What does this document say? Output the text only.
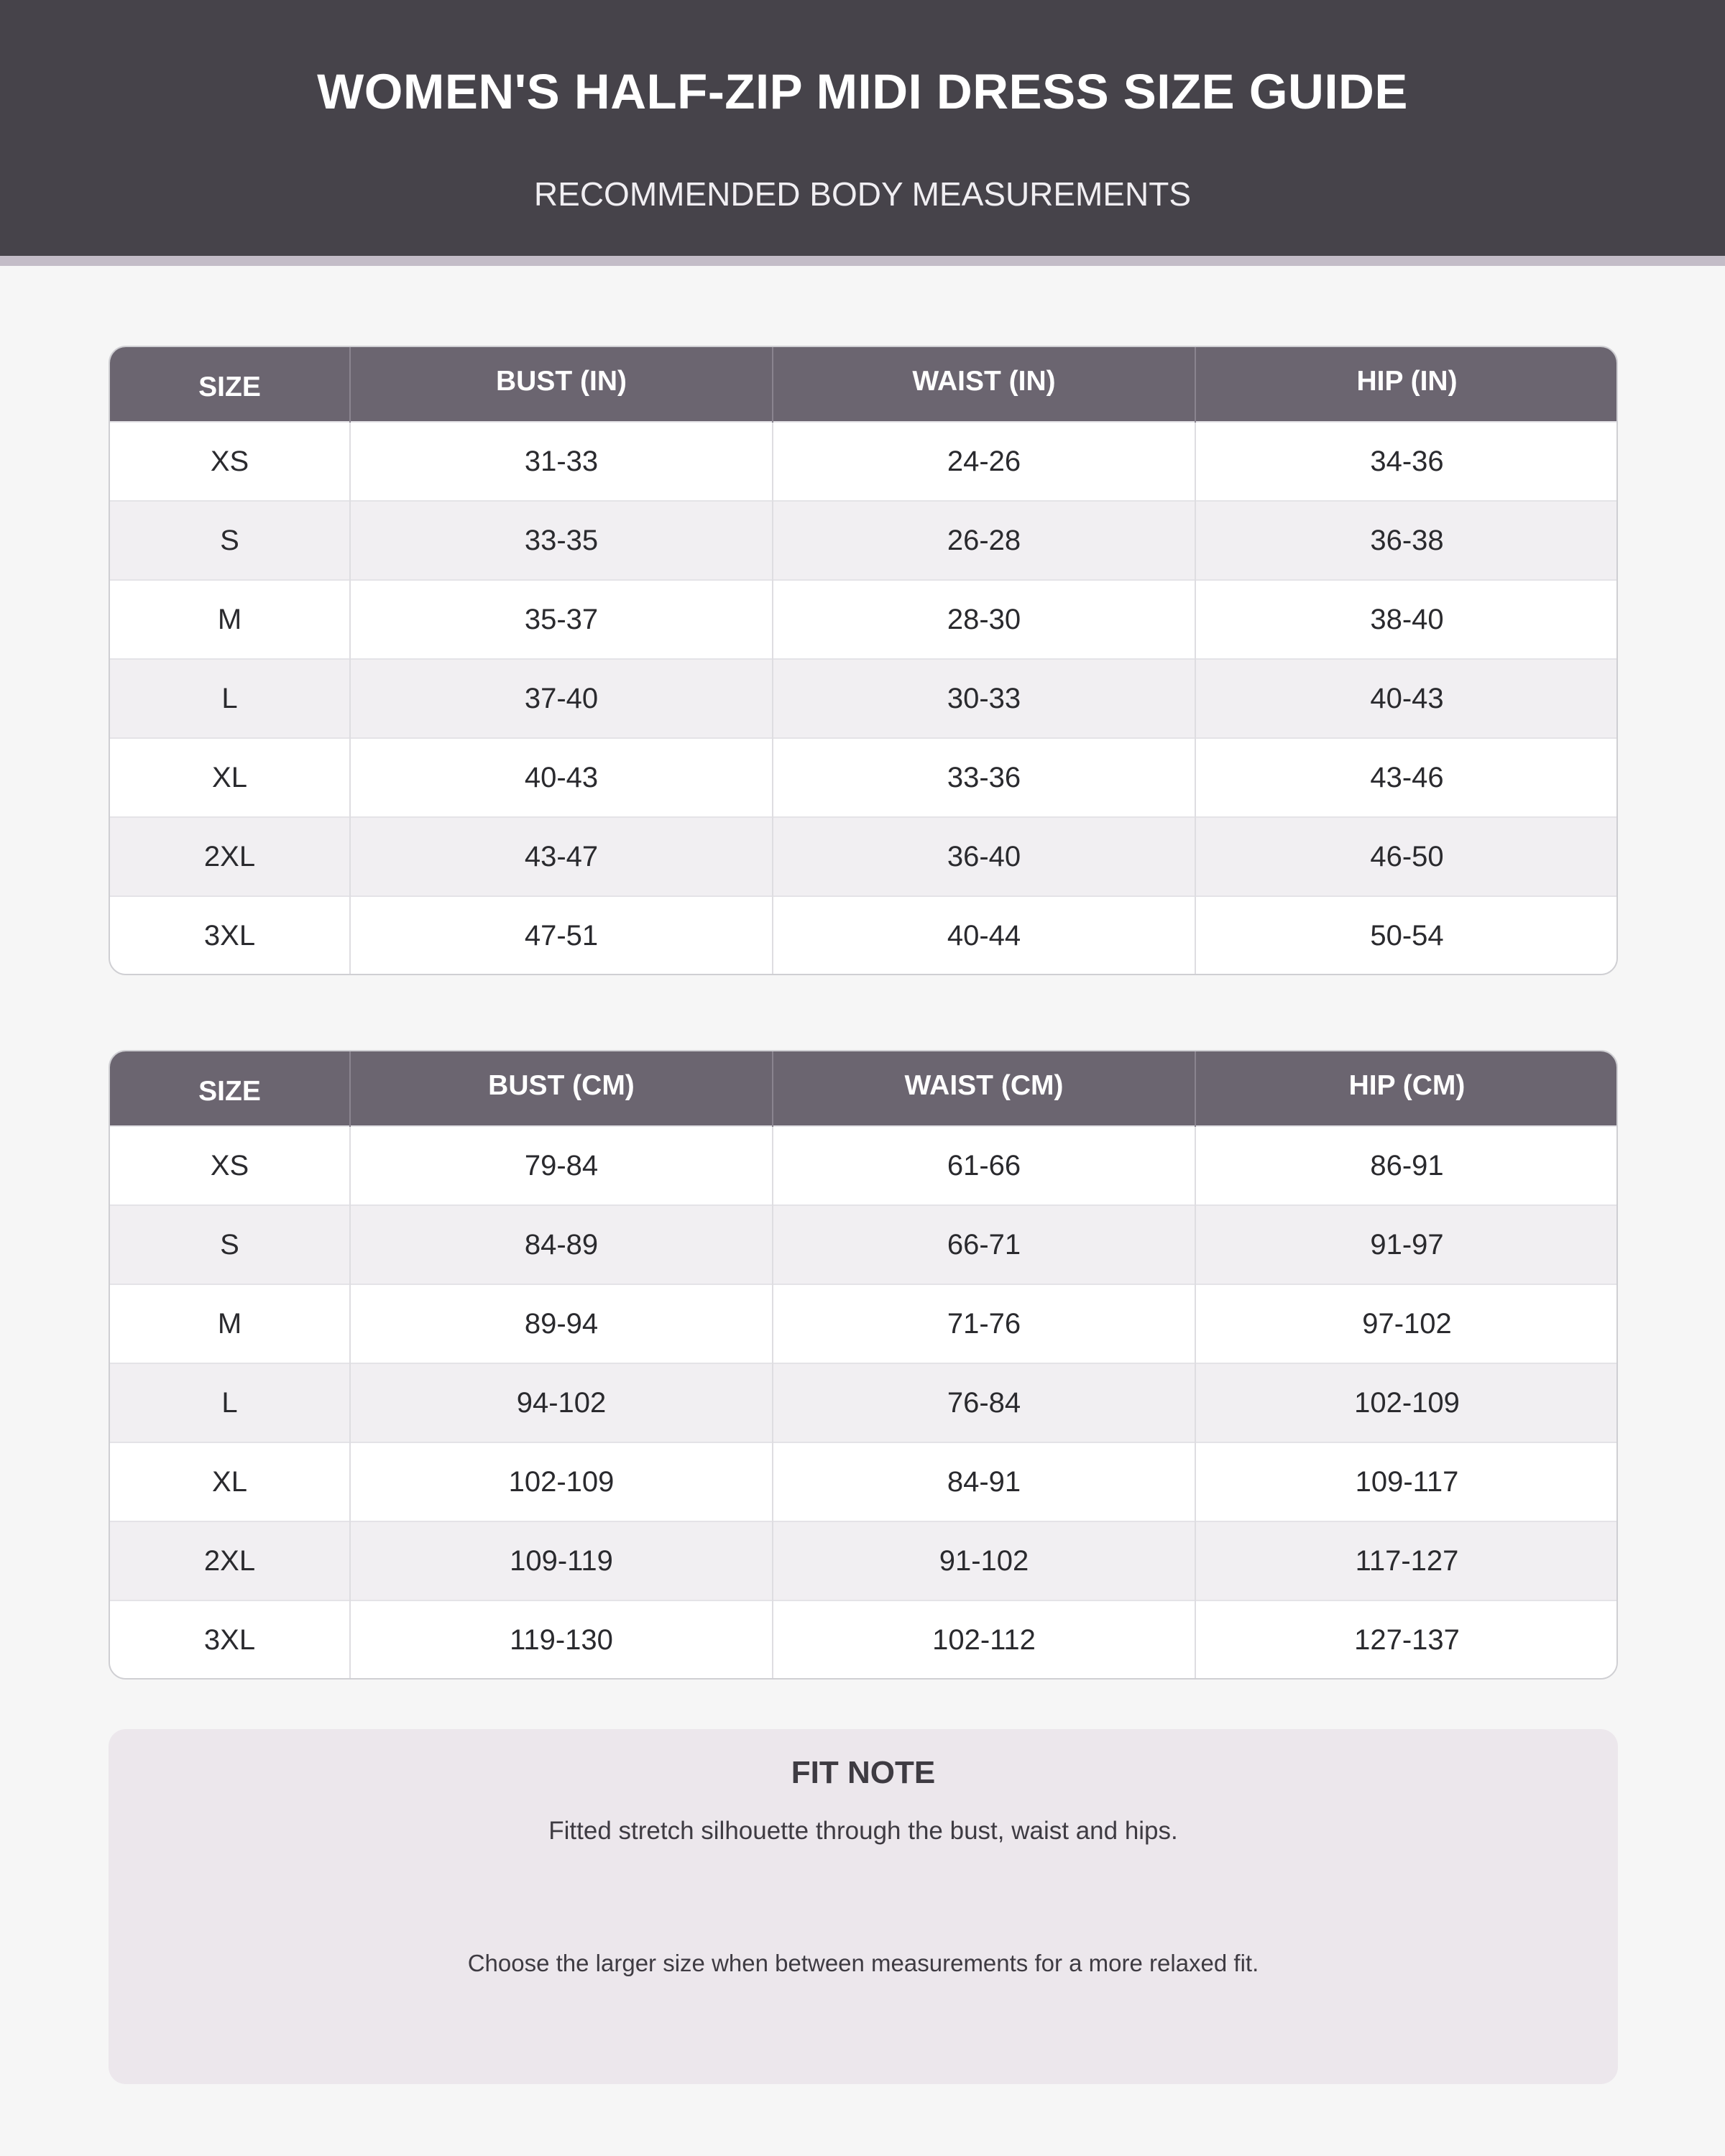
WOMEN'S HALF-ZIP MIDI DRESS SIZE GUIDE
RECOMMENDED BODY MEASUREMENTS
SIZE	BUST (IN)	WAIST (IN)	HIP (IN)
XS	31-33	24-26	34-36
S	33-35	26-28	36-38
M	35-37	28-30	38-40
L	37-40	30-33	40-43
XL	40-43	33-36	43-46
2XL	43-47	36-40	46-50
3XL	47-51	40-44	50-54
SIZE	BUST (CM)	WAIST (CM)	HIP (CM)
XS	79-84	61-66	86-91
S	84-89	66-71	91-97
M	89-94	71-76	97-102
L	94-102	76-84	102-109
XL	102-109	84-91	109-117
2XL	109-119	91-102	117-127
3XL	119-130	102-112	127-137
FIT NOTE
Fitted stretch silhouette through the bust, waist and hips.
Choose the larger size when between measurements for a more relaxed fit.
